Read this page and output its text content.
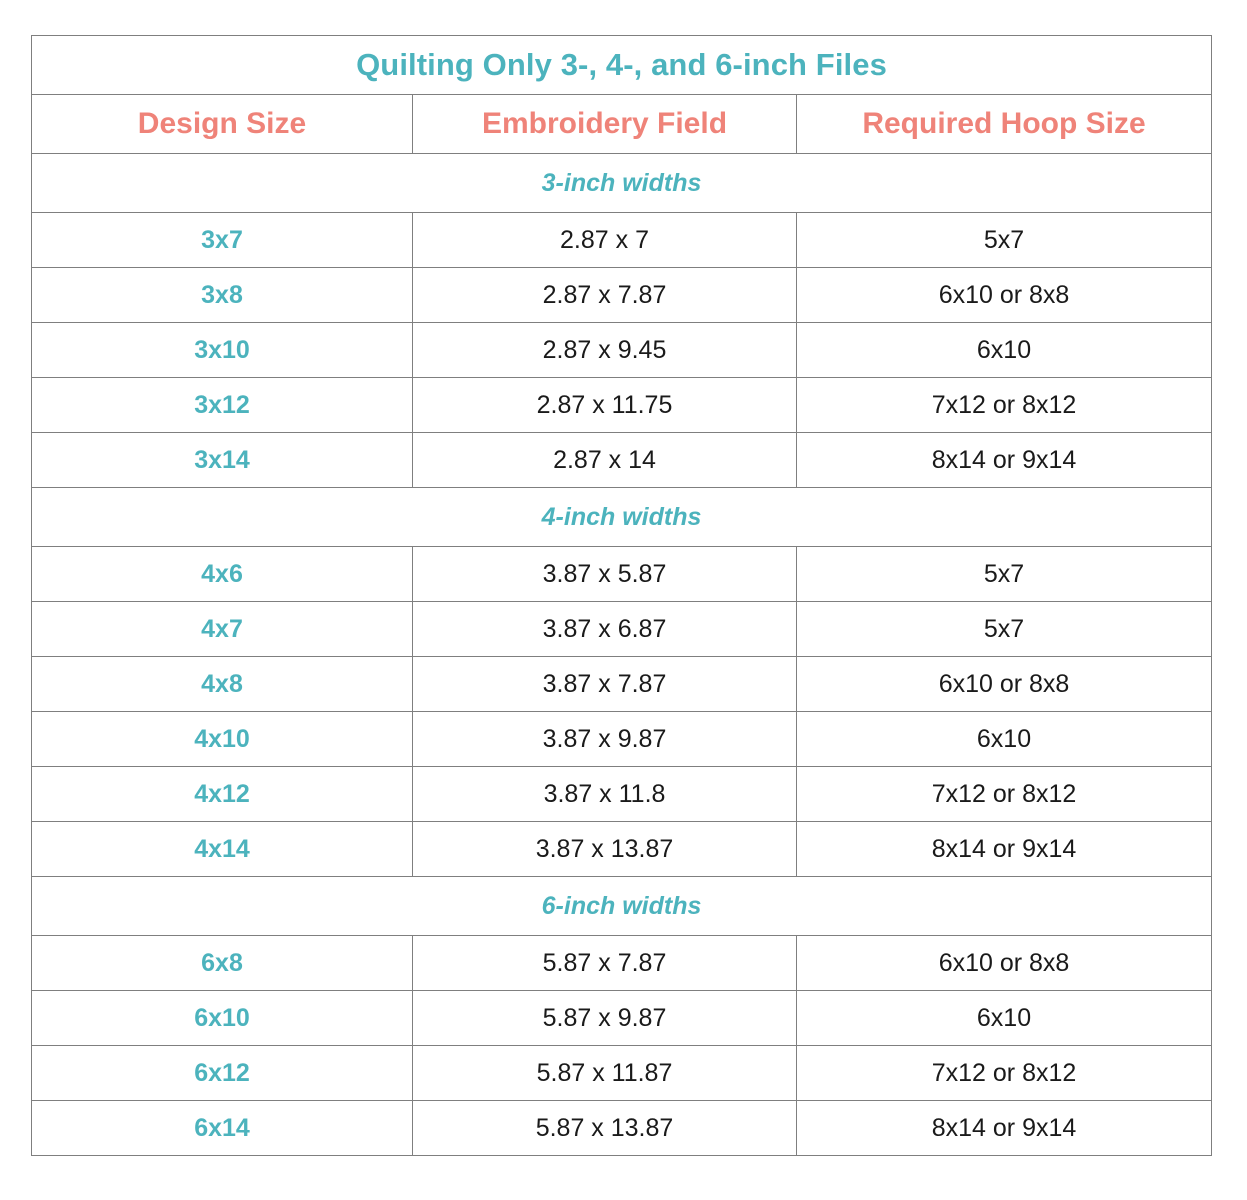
Quilting Only 3-, 4-, and 6-inch Files		
Design Size	Embroidery Field	Required Hoop Size
3-inch widths		
3x7	2.87 x 7	5x7
3x8	2.87 x 7.87	6x10 or 8x8
3x10	2.87 x 9.45	6x10
3x12	2.87 x 11.75	7x12 or 8x12
3x14	2.87 x 14	8x14 or 9x14
4-inch widths		
4x6	3.87 x 5.87	5x7
4x7	3.87 x 6.87	5x7
4x8	3.87 x 7.87	6x10 or 8x8
4x10	3.87 x 9.87	6x10
4x12	3.87 x 11.8	7x12 or 8x12
4x14	3.87 x 13.87	8x14 or 9x14
6-inch widths		
6x8	5.87 x 7.87	6x10 or 8x8
6x10	5.87 x 9.87	6x10
6x12	5.87 x 11.87	7x12 or 8x12
6x14	5.87 x 13.87	8x14 or 9x14
